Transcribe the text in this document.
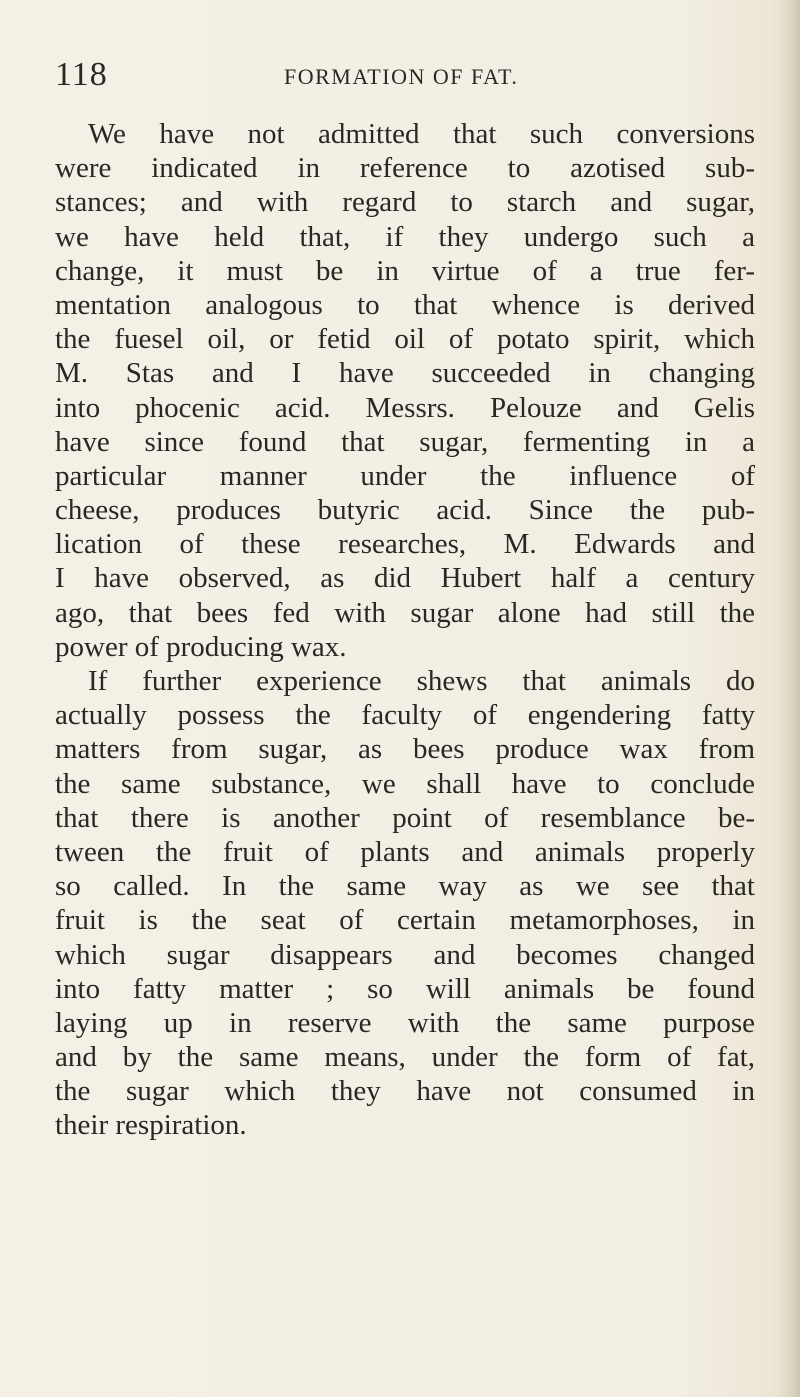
118	FORMATION OF FAT.
We have not admitted that such conversions
were indicated in reference to azotised sub-
stances; and with regard to starch and sugar,
we have held that, if they undergo such a
change, it must be in virtue of a true fer-
mentation analogous to that whence is derived
the fuesel oil, or fetid oil of potato spirit, which
M. Stas and I have succeeded in changing
into phocenic acid. Messrs. Pelouze and Gelis
have since found that sugar, fermenting in a
particular manner under the influence of
cheese, produces butyric acid. Since the pub-
lication of these researches, M. Edwards and
I have observed, as did Hubert half a century
ago, that bees fed with sugar alone had still the
power of producing wax.
If further experience shews that animals do
actually possess the faculty of engendering fatty
matters from sugar, as bees produce wax from
the same substance, we shall have to conclude
that there is another point of resemblance be-
tween the fruit of plants and animals properly
so called. In the same way as we see that
fruit is the seat of certain metamorphoses, in
which sugar disappears and becomes changed
into fatty matter ; so will animals be found
laying up in reserve with the same purpose
and by the same means, under the form of fat,
the sugar which they have not consumed in
their respiration.
